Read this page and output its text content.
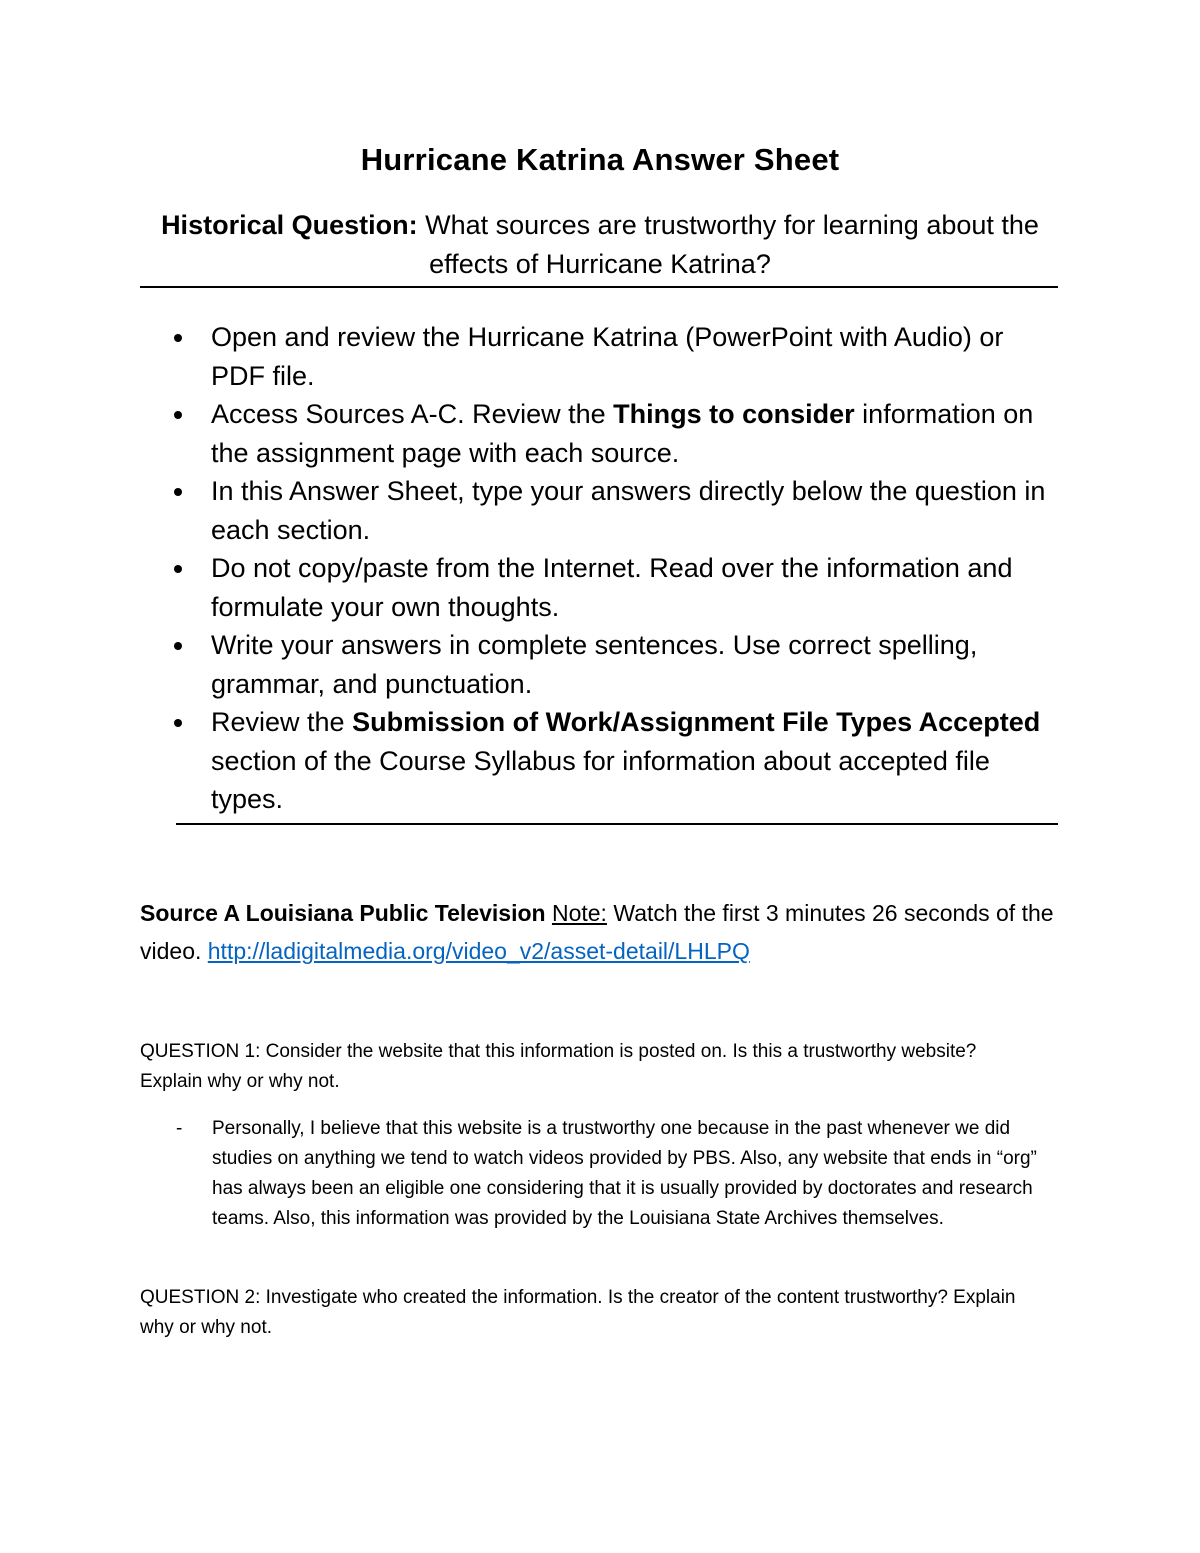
Hurricane Katrina Answer Sheet
Historical Question: What sources are trustworthy for learning about the effects of Hurricane Katrina?
Open and review the Hurricane Katrina (PowerPoint with Audio) or PDF file.
Access Sources A-C. Review the Things to consider information on the assignment page with each source.
In this Answer Sheet, type your answers directly below the question in each section.
Do not copy/paste from the Internet. Read over the information and formulate your own thoughts.
Write your answers in complete sentences. Use correct spelling, grammar, and punctuation.
Review the Submission of Work/Assignment File Types Accepted section of the Course Syllabus for information about accepted file types.
Source A Louisiana Public Television Note: Watch the first 3 minutes 26 seconds of the video. http://ladigitalmedia.org/video_v2/asset-detail/LHLPQ
QUESTION 1: Consider the website that this information is posted on. Is this a trustworthy website? Explain why or why not.
- Personally, I believe that this website is a trustworthy one because in the past whenever we did studies on anything we tend to watch videos provided by PBS. Also, any website that ends in “org” has always been an eligible one considering that it is usually provided by doctorates and research teams. Also, this information was provided by the Louisiana State Archives themselves.
QUESTION 2: Investigate who created the information. Is the creator of the content trustworthy? Explain why or why not.
